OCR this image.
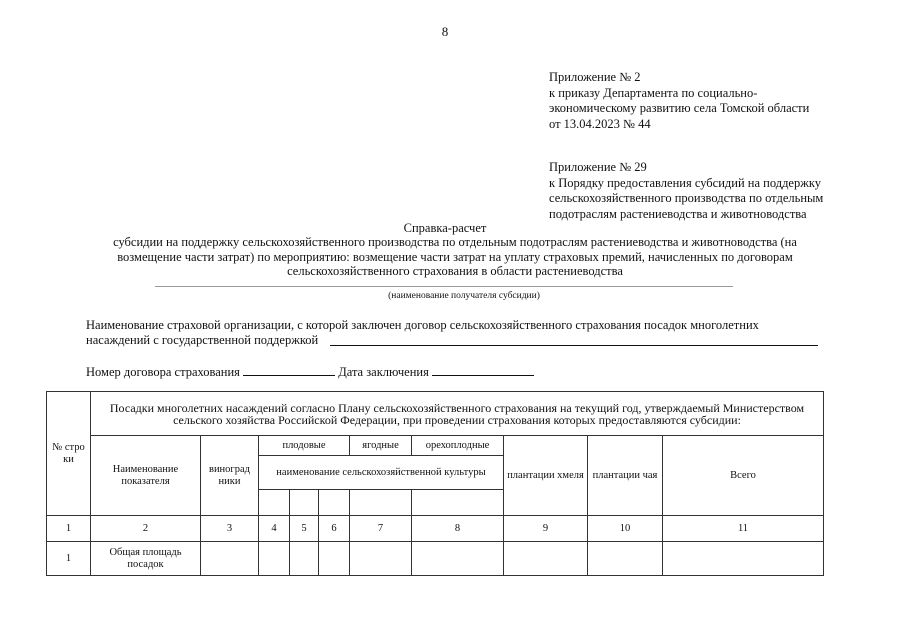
8
Приложение № 2
к приказу Департамента по социально-
экономическому развитию села Томской области
от 13.04.2023 № 44
Приложение № 29
к Порядку предоставления субсидий на поддержку
сельскохозяйственного производства по отдельным
подотраслям растениеводства и животноводства
Справка-расчет
субсидии на поддержку сельскохозяйственного производства по отдельным подотраслям растениеводства и животноводства (на
возмещение части затрат) по мероприятию: возмещение части затрат на уплату страховых премий, начисленных по договорам
сельскохозяйственного страхования в области растениеводства
(наименование получателя субсидии)
Наименование страховой организации, с которой заключен договор сельскохозяйственного страхования посадок многолетних
насаждений с государственной поддержкой
Номер договора страхования	Дата заключения
№ стро ки	Посадки многолетних насаждений согласно Плану сельскохозяйственного страхования на текущий год, утверждаемый Министерством сельского хозяйства Российской Федерации, при проведении страхования которых предоставляются субсидии:									
	Наименование показателя	виноград ники	плодовые			ягодные	орехоплодные	плантации хмеля	плантации чая	Всего
			наименование сельскохозяйственной культуры							

1	2	3	4	5	6	7	8	9	10	11
1	Общая площадь посадок									
